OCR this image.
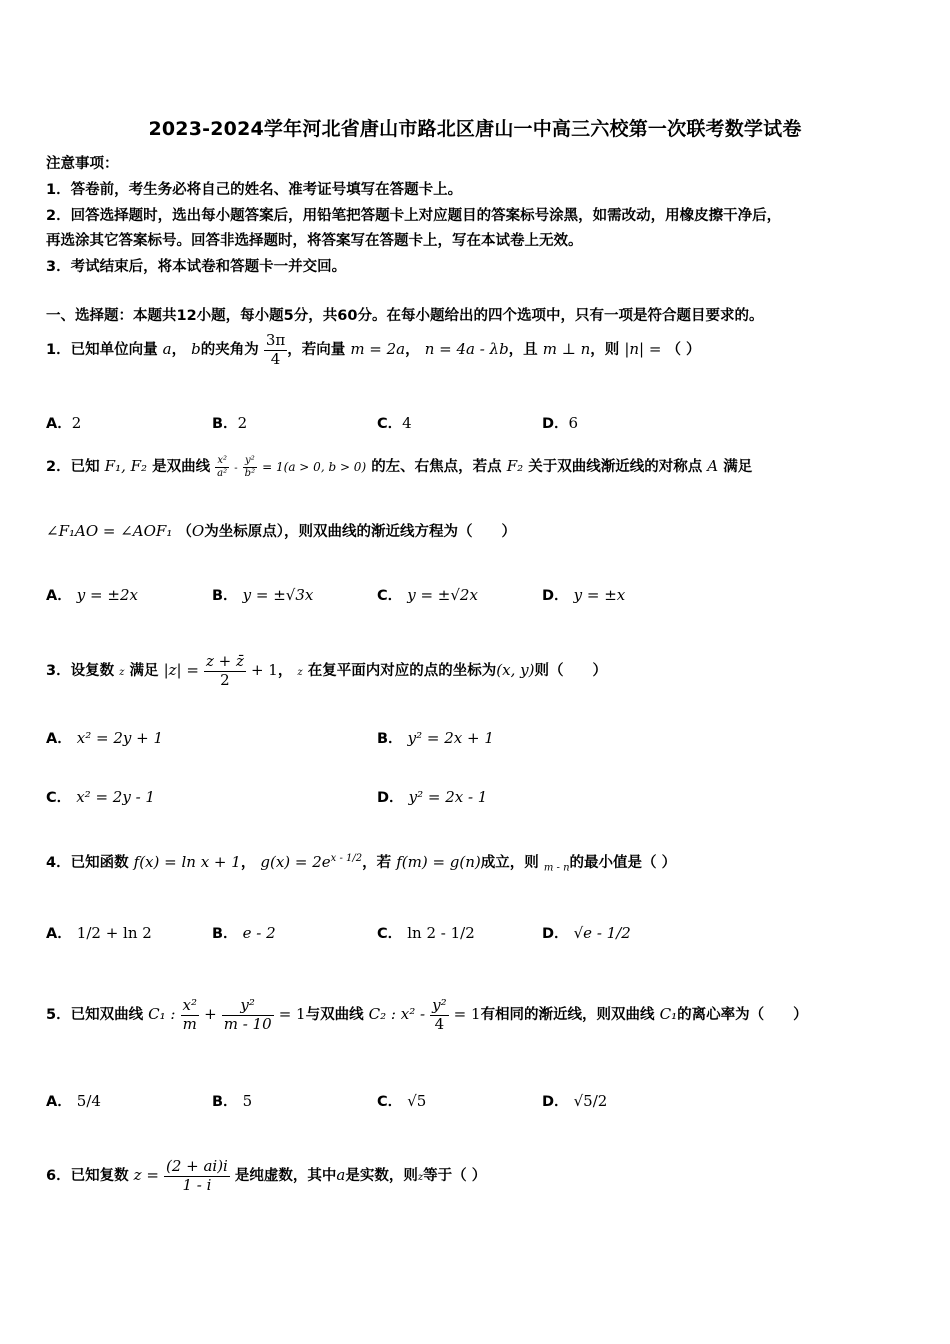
2023-2024学年河北省唐山市路北区唐山一中高三六校第一次联考数学试卷
注意事项：
1．答卷前，考生务必将自己的姓名、准考证号填写在答题卡上。
2．回答选择题时，选出每小题答案后，用铅笔把答题卡上对应题目的答案标号涂黑，如需改动，用橡皮擦干净后，
再选涂其它答案标号。回答非选择题时，将答案写在答题卡上，写在本试卷上无效。
3．考试结束后，将本试卷和答题卡一并交回。
一、选择题：本题共12小题，每小题5分，共60分。在每小题给出的四个选项中，只有一项是符合题目要求的。
1．已知单位向量 a， b的夹角为 $\frac{3\pi}{4}$ ，若向量 m = 2a， n = 4a - λb，且 m ⊥ n，则 |n| = （ ）
A．2	B．2	C．4	D．6
2．已知 F₁, F₂ 是双曲线 $\frac{\text{x²}}{\text{a²}} - \frac{\text{y²}}{\text{b²}} = 1(a > 0$, b > 0) 的左、右焦点，若点 F₂ 关于双曲线渐近线的对称点 A 满足
∠F₁AO = ∠AOF₁ （O为坐标原点），则双曲线的渐近线方程为（　　）
A． y = ±2x	B． y = ±√3x	C． y = ±√2x	D． y = ±x
3．设复数 z 满足 $|z| = \frac{z + z̄}{2} + 1$， z 在复平面内对应的点的坐标为(x, y)则（　　）
A． x² = 2y + 1	B． y² = 2x + 1
C． x² = 2y - 1	D． y² = 2x - 1
4．已知函数 f(x) = ln x + 1， $g(x) = 2e^{x - 1/2}$，若 f(m) = g(n)成立，则 $_{m - n}$的最小值是（ ）
A． 1/2 + ln 2	B． e - 2	C． ln 2 - 1/2	D． √e - 1/2
5．已知双曲线 C₁ : $\frac{\text{x²}}{m} + \frac{\text{y²}}{m - 10} = 1$与双曲线 C₂ : $x^2 - \frac{\text{y²}}{4} = 1$有相同的渐近线，则双曲线 C₁的离心率为（　　）
A． 5/4	B． 5	C． √5	D． √5/2
6．已知复数 $z = \frac{(2 + ai)i}{1 - i}$ 是纯虚数，其中a是实数，则z等于（ ）
